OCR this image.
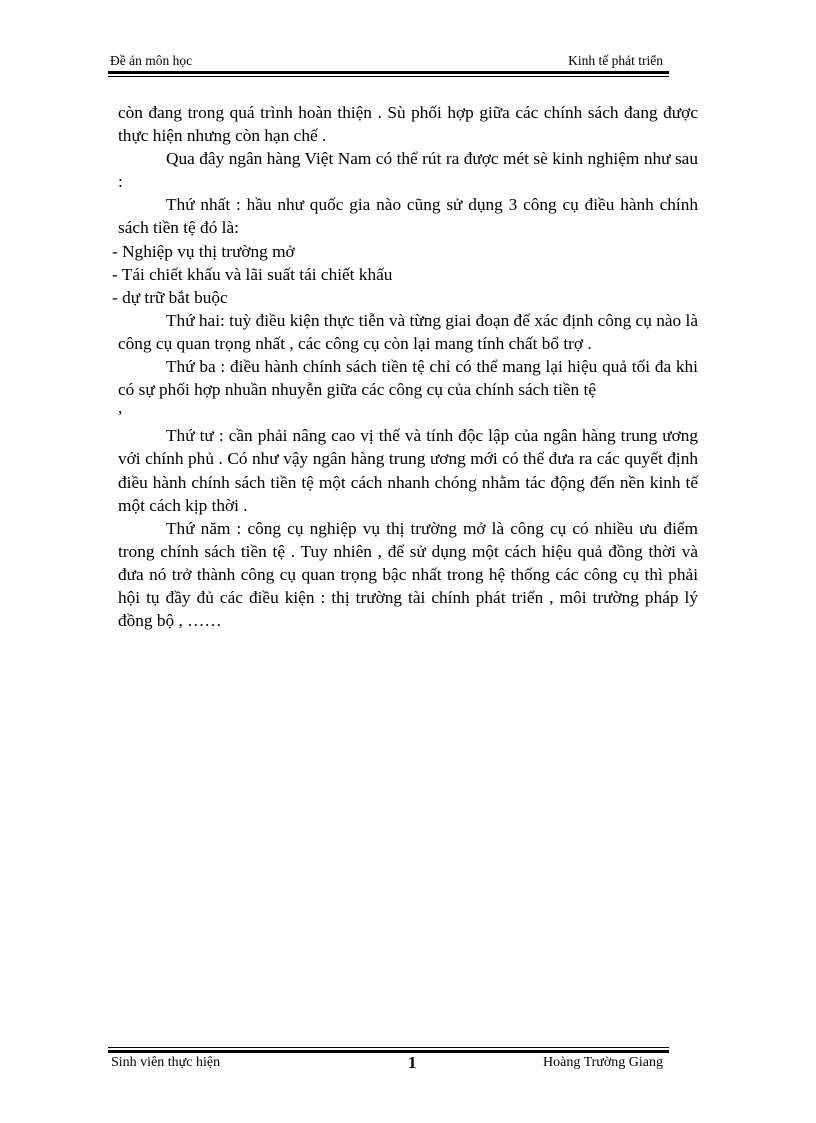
Đề án môn học	Kinh tế phát triển

còn đang trong quá trình hoàn thiện . Sù phối hợp giữa các chính sách đang được thực hiện nhưng còn hạn chế .

Qua đây ngân hàng Việt Nam có thể rút ra được mét sè kinh nghiệm như sau :

Thứ nhất : hầu như quốc gia nào cũng sử dụng 3 công cụ điều hành chính sách tiền tệ đó là:

- Nghiệp vụ thị trường mở

- Tái chiết khấu và lãi suất tái chiết khấu

- dự trữ bắt buộc

Thứ hai: tuỳ điều kiện thực tiễn và từng giai đoạn để xác định công cụ nào là công cụ quan trọng nhất , các công cụ còn lại mang tính chất bổ trợ .

Thứ ba : điều hành chính sách tiền tệ chỉ có thể mang lại hiệu quả tối đa khi có sự phối hợp nhuần nhuyễn giữa các công cụ của chính sách tiền tệ

,

Thứ tư : cần phải nâng cao vị thế và tính độc lập của ngân hàng trung ương với chính phủ . Có như vậy ngân hàng trung ương mới có thể đưa ra các quyết định điều hành chính sách tiền tệ một cách nhanh chóng nhằm tác động đến nền kinh tế một cách kịp thời .

Thứ năm : công cụ nghiệp vụ thị trường mở là công cụ có nhiều ưu điểm trong chính sách tiền tệ . Tuy nhiên , để sử dụng một cách hiệu quả đồng thời và đưa nó trở thành công cụ quan trọng bậc nhất trong hệ thống các công cụ thì phải hội tụ đầy đủ các điều kiện : thị trường tài chính phát triển , môi trường pháp lý đồng bộ , ……

Sinh viên thực hiện	1	Hoàng Trường Giang
